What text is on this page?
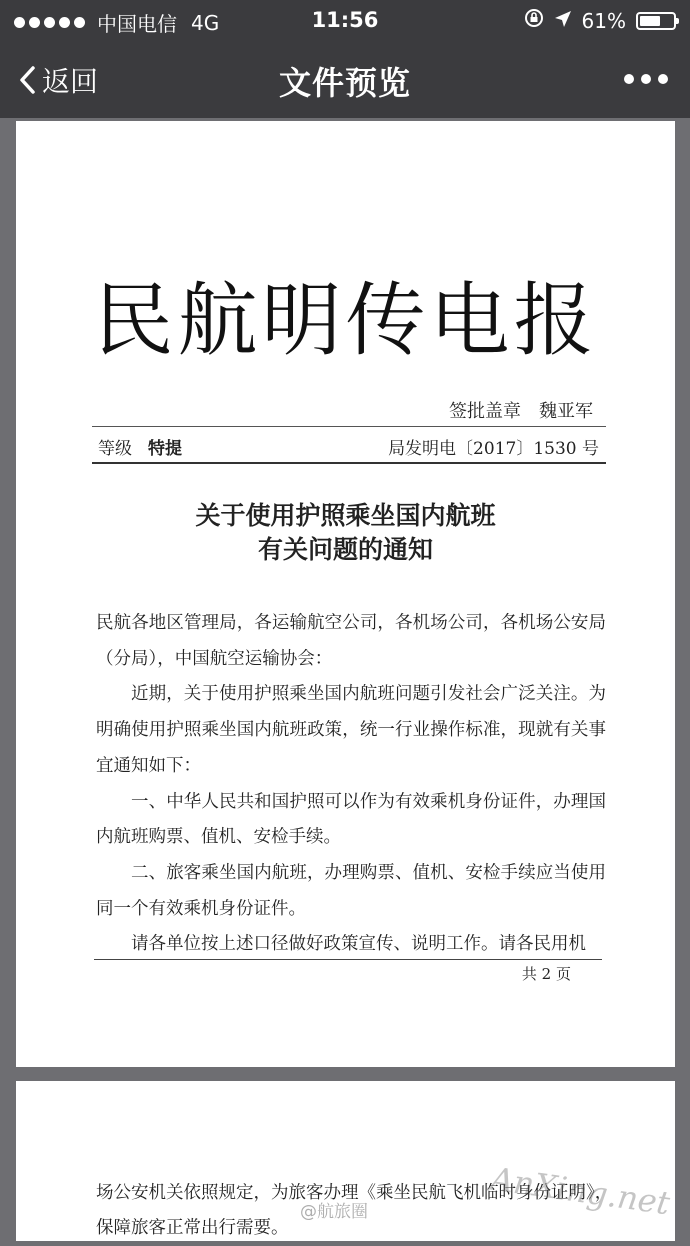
中国电信 4G	11:56	61%
返回	文件预览
民航明传电报
签批盖章 魏亚军
等级 特提	局发明电〔2017〕1530 号
关于使用护照乘坐国内航班
有关问题的通知

民航各地区管理局，各运输航空公司，各机场公司，各机场公安局（分局），中国航空运输协会：

近期，关于使用护照乘坐国内航班问题引发社会广泛关注。为明确使用护照乘坐国内航班政策，统一行业操作标准，现就有关事宜通知如下：

一、中华人民共和国护照可以作为有效乘机身份证件，办理国内航班购票、值机、安检手续。

二、旅客乘坐国内航班，办理购票、值机、安检手续应当使用同一个有效乘机身份证件。

请各单位按上述口径做好政策宣传、说明工作。请各民用机

共 2 页
场公安机关依照规定，为旅客办理《乘坐民航飞机临时身份证明》，
保障旅客正常出行需要。
AnXing.net
@航旅圈
